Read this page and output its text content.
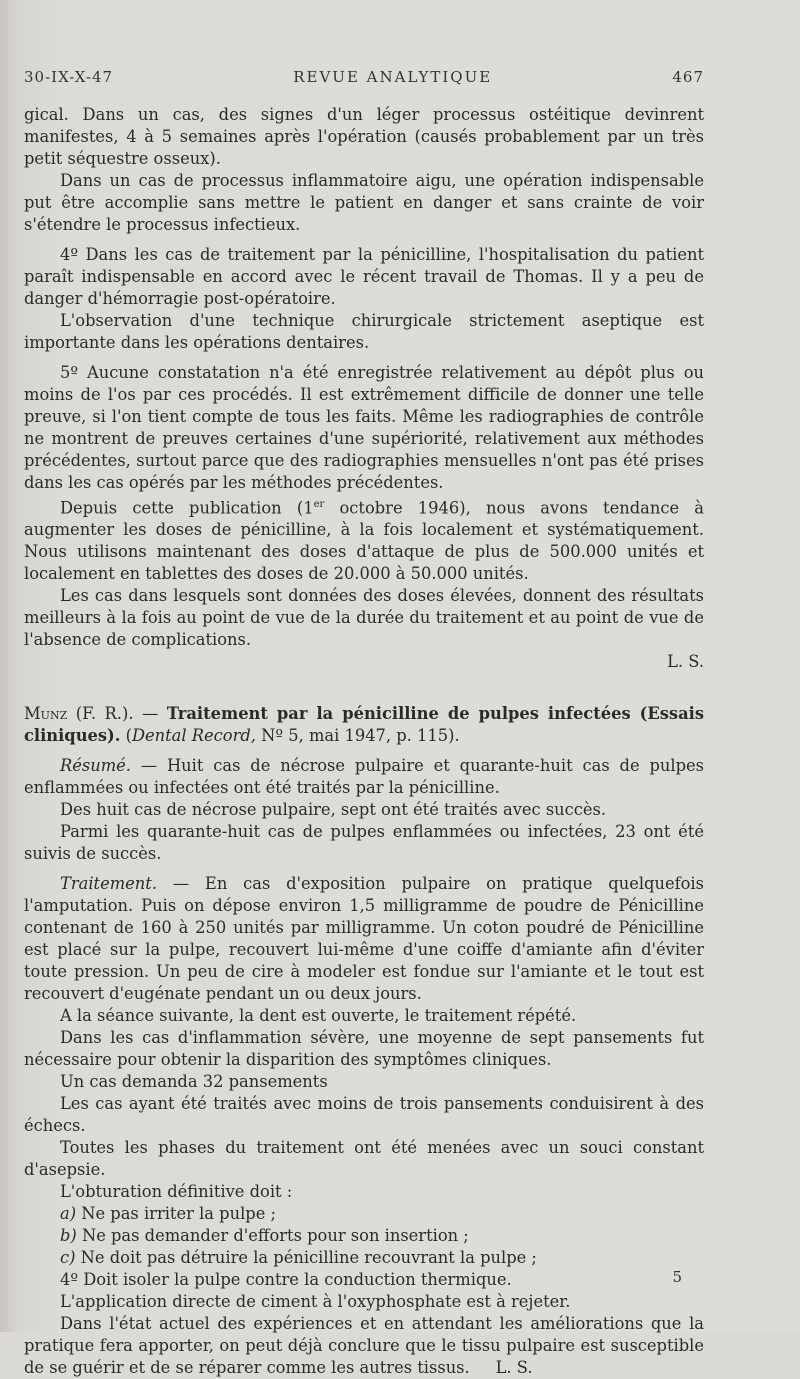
30-IX-X-47	REVUE ANALYTIQUE	467

gical. Dans un cas, des signes d'un léger processus ostéitique devinrent manifestes, 4 à 5 semaines après l'opération (causés probablement par un très petit séquestre osseux).

Dans un cas de processus inflammatoire aigu, une opération indispensable put être accomplie sans mettre le patient en danger et sans crainte de voir s'étendre le processus infectieux.

4º Dans les cas de traitement par la pénicilline, l'hospitalisation du patient paraît indispensable en accord avec le récent travail de Thomas. Il y a peu de danger d'hémorragie post-opératoire.

L'observation d'une technique chirurgicale strictement aseptique est importante dans les opérations dentaires.

5º Aucune constatation n'a été enregistrée relativement au dépôt plus ou moins de l'os par ces procédés. Il est extrêmement difficile de donner une telle preuve, si l'on tient compte de tous les faits. Même les radiographies de contrôle ne montrent de preuves certaines d'une supériorité, relativement aux méthodes précédentes, surtout parce que des radiographies mensuelles n'ont pas été prises dans les cas opérés par les méthodes précédentes.

Depuis cette publication (1er octobre 1946), nous avons tendance à augmenter les doses de pénicilline, à la fois localement et systématiquement. Nous utilisons maintenant des doses d'attaque de plus de 500.000 unités et localement en tablettes des doses de 20.000 à 50.000 unités.

Les cas dans lesquels sont données des doses élevées, donnent des résultats meilleurs à la fois au point de vue de la durée du traitement et au point de vue de l'absence de complications.

L. S.

Munz (F. R.). — Traitement par la pénicilline de pulpes infectées (Essais cliniques). (Dental Record, Nº 5, mai 1947, p. 115).

Résumé. — Huit cas de nécrose pulpaire et quarante-huit cas de pulpes enflammées ou infectées ont été traités par la pénicilline.

Des huit cas de nécrose pulpaire, sept ont été traités avec succès.

Parmi les quarante-huit cas de pulpes enflammées ou infectées, 23 ont été suivis de succès.

Traitement. — En cas d'exposition pulpaire on pratique quelquefois l'amputation. Puis on dépose environ 1,5 milligramme de poudre de Pénicilline contenant de 160 à 250 unités par milligramme. Un coton poudré de Pénicilline est placé sur la pulpe, recouvert lui-même d'une coiffe d'amiante afin d'éviter toute pression. Un peu de cire à modeler est fondue sur l'amiante et le tout est recouvert d'eugénate pendant un ou deux jours.

A la séance suivante, la dent est ouverte, le traitement répété.

Dans les cas d'inflammation sévère, une moyenne de sept pansements fut nécessaire pour obtenir la disparition des symptômes cliniques.

Un cas demanda 32 pansements

Les cas ayant été traités avec moins de trois pansements conduisirent à des échecs.

Toutes les phases du traitement ont été menées avec un souci constant d'asepsie.

L'obturation définitive doit :

a) Ne pas irriter la pulpe ;

b) Ne pas demander d'efforts pour son insertion ;

c) Ne doit pas détruire la pénicilline recouvrant la pulpe ;

4º Doit isoler la pulpe contre la conduction thermique.

L'application directe de ciment à l'oxyphosphate est à rejeter.

Dans l'état actuel des expériences et en attendant les améliorations que la pratique fera apporter, on peut déjà conclure que le tissu pulpaire est susceptible de se guérir et de se réparer comme les autres tissus. L. S.

5
